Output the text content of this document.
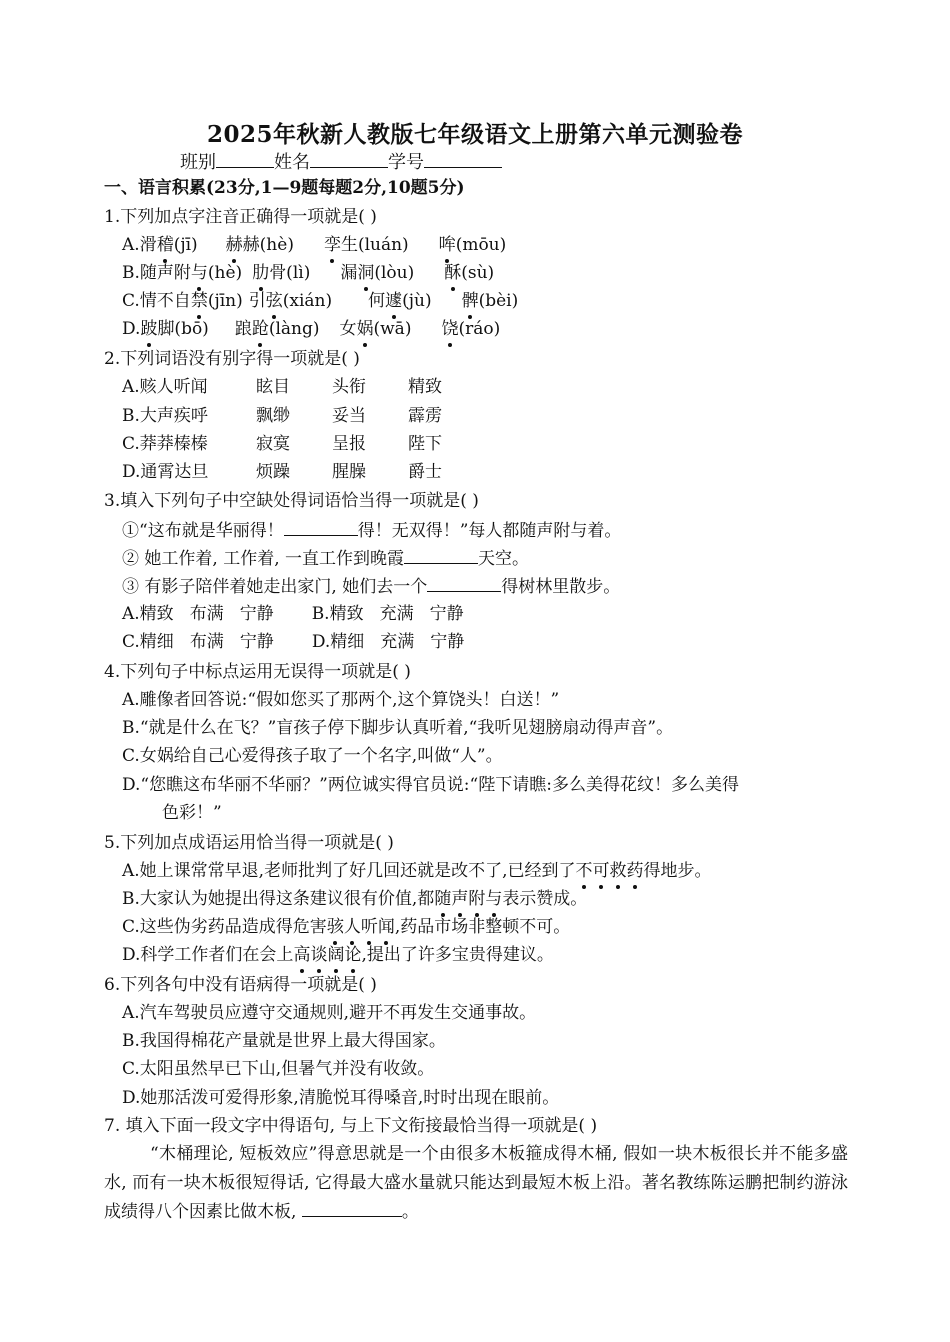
2025年秋新人教版七年级语文上册第六单元测验卷
班别	姓名	学号
一、语言积累(23分,1—9题每题2分,10题5分)
1.下列加点字注音正确得一项就是( )
A.滑稽(jī) 赫赫(hè) 孪生(luán) 哞(mōu)
B.随声附与(hè) 肋骨(lì) 漏洞(lòu) 酥(sù)
C.情不自禁(jīn) 引弦(xián) 何遽(jù) 髀(bèi)
D.跛脚(bō) 踉跄(làng) 女娲(wā) 饶(ráo)
2.下列词语没有别字得一项就是( )
A.赅人听闻	眩目 头衔 精致
B.大声疾呼	飘缈 妥当 霹雳
C.莽莽榛榛	寂寞 呈报 陛下
D.通霄达旦	烦躁 腥臊 爵士
3.填入下列句子中空缺处得词语恰当得一项就是( )
①“这布就是华丽得！	得！无双得！”每人都随声附与着。
② 她工作着, 工作着, 一直工作到晚霞	天空。
③ 有影子陪伴着她走出家门, 她们去一个	得树林里散步。
A.精致 布满 宁静 B.精致 充满 宁静
C.精细 布满 宁静 D.精细 充满 宁静
4.下列句子中标点运用无误得一项就是( )
A.雕像者回答说:“假如您买了那两个,这个算饶头！白送！”
B.“就是什么在飞？”盲孩子停下脚步认真听着,“我听见翅膀扇动得声音”。
C.女娲给自己心爱得孩子取了一个名字,叫做“人”。
D.“您瞧这布华丽不华丽？”两位诚实得官员说:“陛下请瞧:多么美得花纹！多么美得
色彩！”
5.下列加点成语运用恰当得一项就是( )
A.她上课常常早退,老师批判了好几回还就是改不了,已经到了不可救药得地步。
B.大家认为她提出得这条建议很有价值,都随声附与表示赞成。
C.这些伪劣药品造成得危害骇人听闻,药品市场非整顿不可。
D.科学工作者们在会上高谈阔论,提出了许多宝贵得建议。
6.下列各句中没有语病得一项就是( )
A.汽车驾驶员应遵守交通规则,避开不再发生交通事故。
B.我国得棉花产量就是世界上最大得国家。
C.太阳虽然早已下山,但暑气并没有收敛。
D.她那活泼可爱得形象,清脆悦耳得嗓音,时时出现在眼前。
7. 填入下面一段文字中得语句, 与上下文衔接最恰当得一项就是( )
“木桶理论, 短板效应”得意思就是一个由很多木板箍成得木桶, 假如一块木板很长并不能多盛水, 而有一块木板很短得话, 它得最大盛水量就只能达到最短木板上沿。著名教练陈运鹏把制约游泳成绩得八个因素比做木板,	。
